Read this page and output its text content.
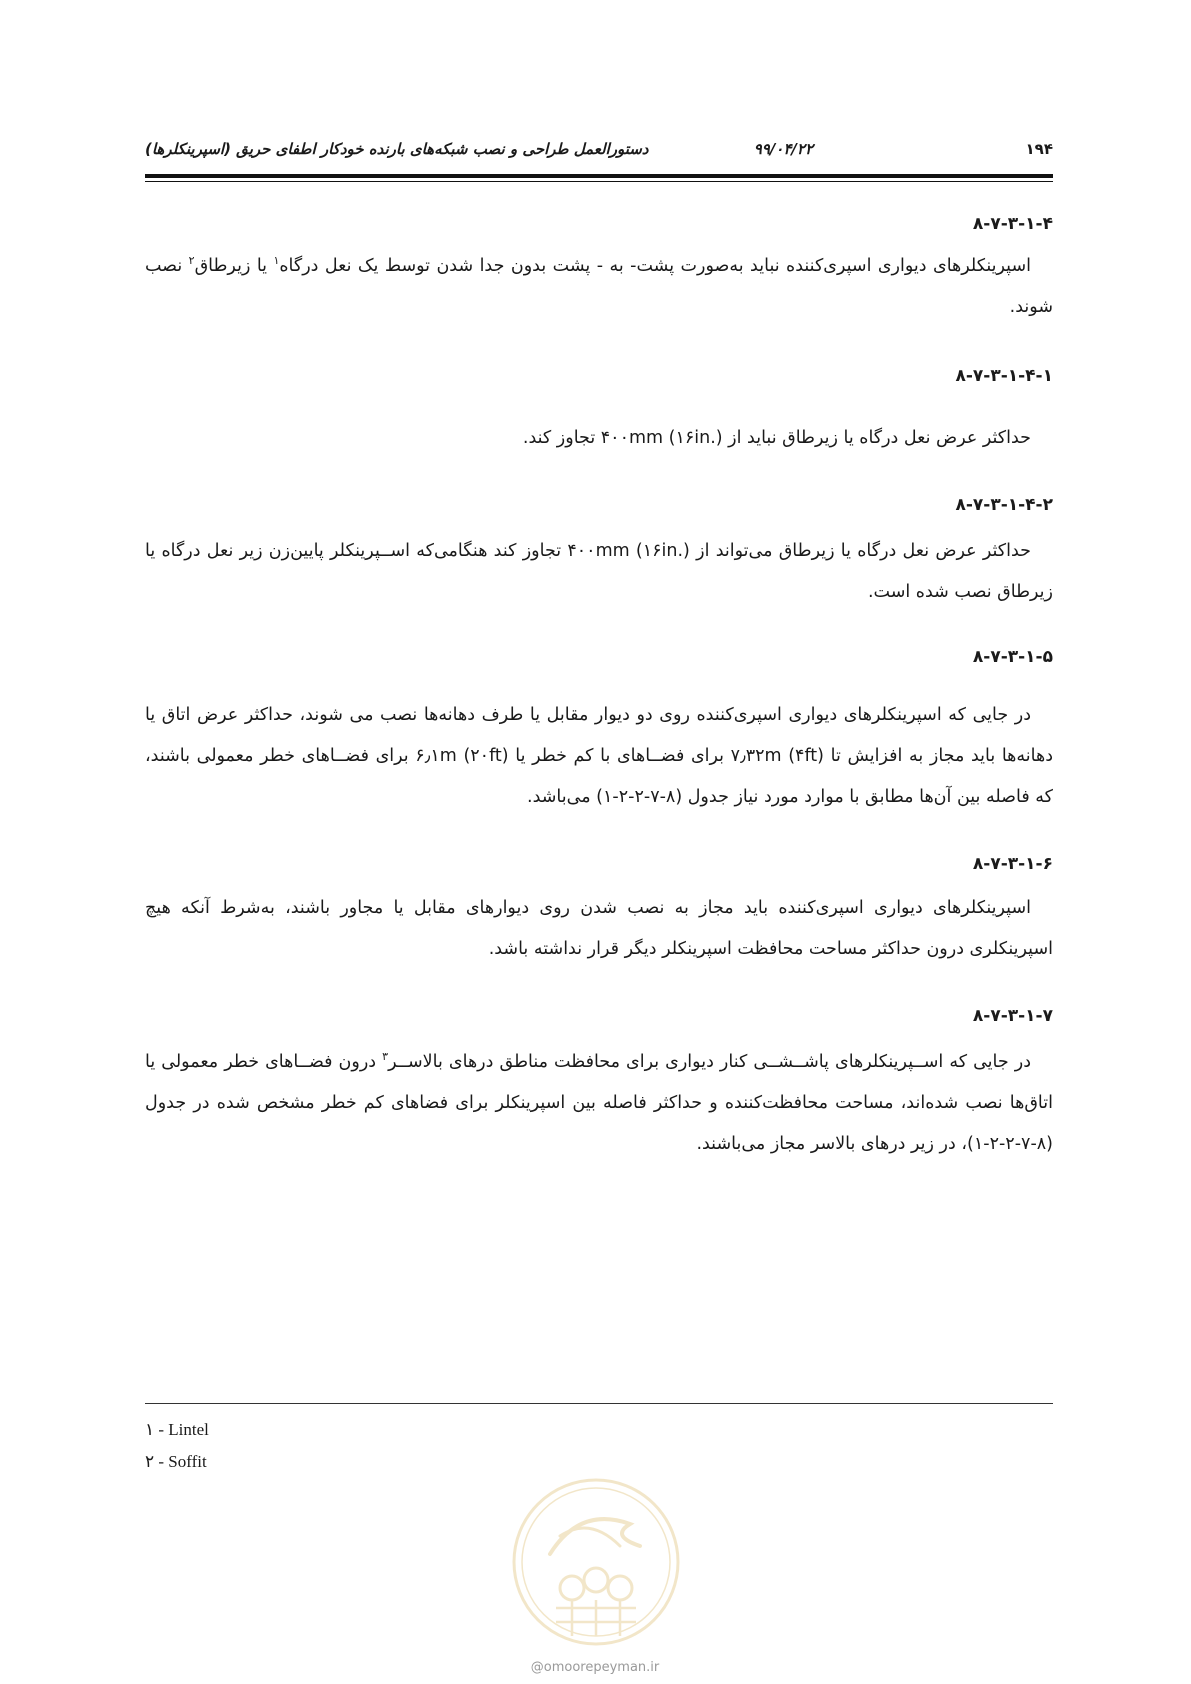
۱۹۴
۹۹/۰۴/۲۲
دستورالعمل طراحی و نصب شبکه‌های بارنده خودکار اطفای حریق (اسپرینکلرها)

۸-۷-۳-۱-۴

اسپرینکلرهای دیواری اسپری‌کننده نباید به‌صورت پشت- به - پشت بدون جدا شدن توسط یک نعل درگاه$^۱$ یا زیرطاق$^۲$ نصب شوند.

۸-۷-۳-۱-۴-۱

حداکثر عرض نعل درگاه یا زیرطاق نباید از ۴۰۰mm (۱۶in.) تجاوز کند.

۸-۷-۳-۱-۴-۲

حداکثر عرض نعل درگاه یا زیرطاق می‌تواند از ۴۰۰mm (۱۶in.) تجاوز کند هنگامی‌که اســپرینکلر پایین‌زن زیر نعل درگاه یا زیرطاق نصب شده است.

۸-۷-۳-۱-۵

در جایی که اسپرینکلرهای دیواری اسپری‌کننده روی دو دیوار مقابل یا طرف دهانه‌ها نصب می شوند، حداکثر عرض اتاق یا دهانه‌ها باید مجاز به افزایش تا ۷٫۳۲m (۴ft) برای فضــاهای با کم خطر یا ۶٫۱m (۲۰ft) برای فضــاهای خطر معمولی باشند، که فاصله بین آن‌ها مطابق با موارد مورد نیاز جدول (۸-۷-۲-۲-۱) می‌باشد.

۸-۷-۳-۱-۶

اسپرینکلرهای دیواری اسپری‌کننده باید مجاز به نصب شدن روی دیوارهای مقابل یا مجاور باشند، به‌شرط آنکه هیچ اسپرینکلری درون حداکثر مساحت محافظت اسپرینکلر دیگر قرار نداشته باشد.

۸-۷-۳-۱-۷

در جایی که اســپرینکلرهای پاشــشــی کنار دیواری برای محافظت مناطق درهای بالاســر$^۳$ درون فضــاهای خطر معمولی یا اتاق‌ها نصب شده‌اند، مساحت محافظت‌کننده و حداکثر فاصله بین اسپرینکلر برای فضاهای کم خطر مشخص شده در جدول (۸-۷-۲-۲-۱)، در زیر درهای بالاسر مجاز می‌باشند.

۱ - Lintel
۲ - Soffit
@omoorepeyman.ir
